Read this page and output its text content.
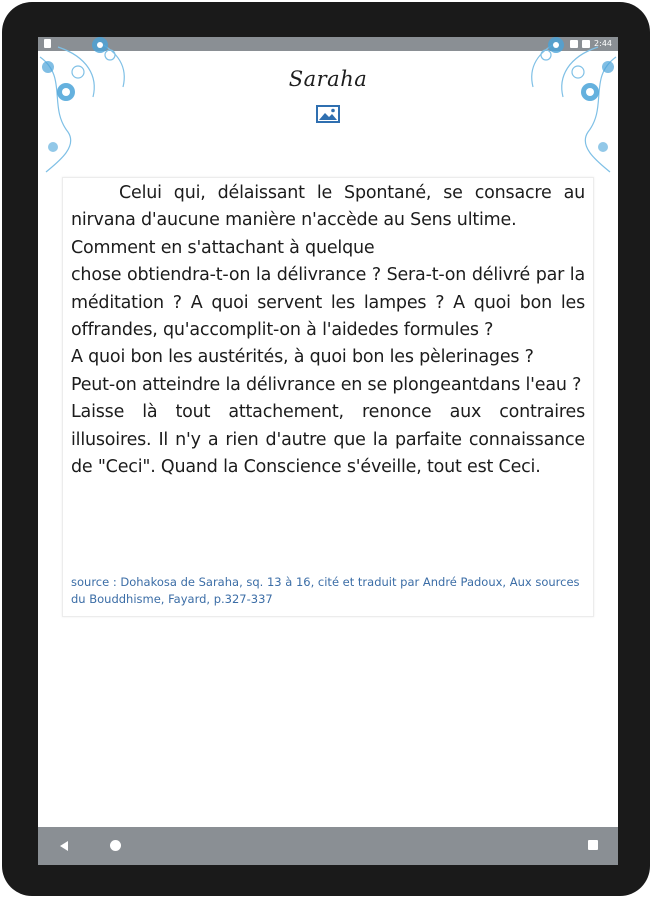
2:44
Saraha

Celui qui, délaissant le Spontané, se consacre au nirvana d'aucune manière n'accède au Sens ultime.

Comment en s'attachant à quelque

chose obtiendra-t-on la délivrance ? Sera-t-on délivré par la méditation ? A quoi servent les lampes ? A quoi bon les offrandes, qu'accomplit-on à l'aidedes formules ?

A quoi bon les austérités, à quoi bon les pèlerinages ?

Peut-on atteindre la délivrance en se plongeantdans l'eau ?

Laisse là tout attachement, renonce aux contraires illusoires. Il n'y a rien d'autre que la parfaite connaissance de "Ceci". Quand la Conscience s'éveille, tout est Ceci.

source : Dohakosa de Saraha, sq. 13 à 16, cité et traduit par André Padoux, Aux sources du Bouddhisme, Fayard, p.327-337
